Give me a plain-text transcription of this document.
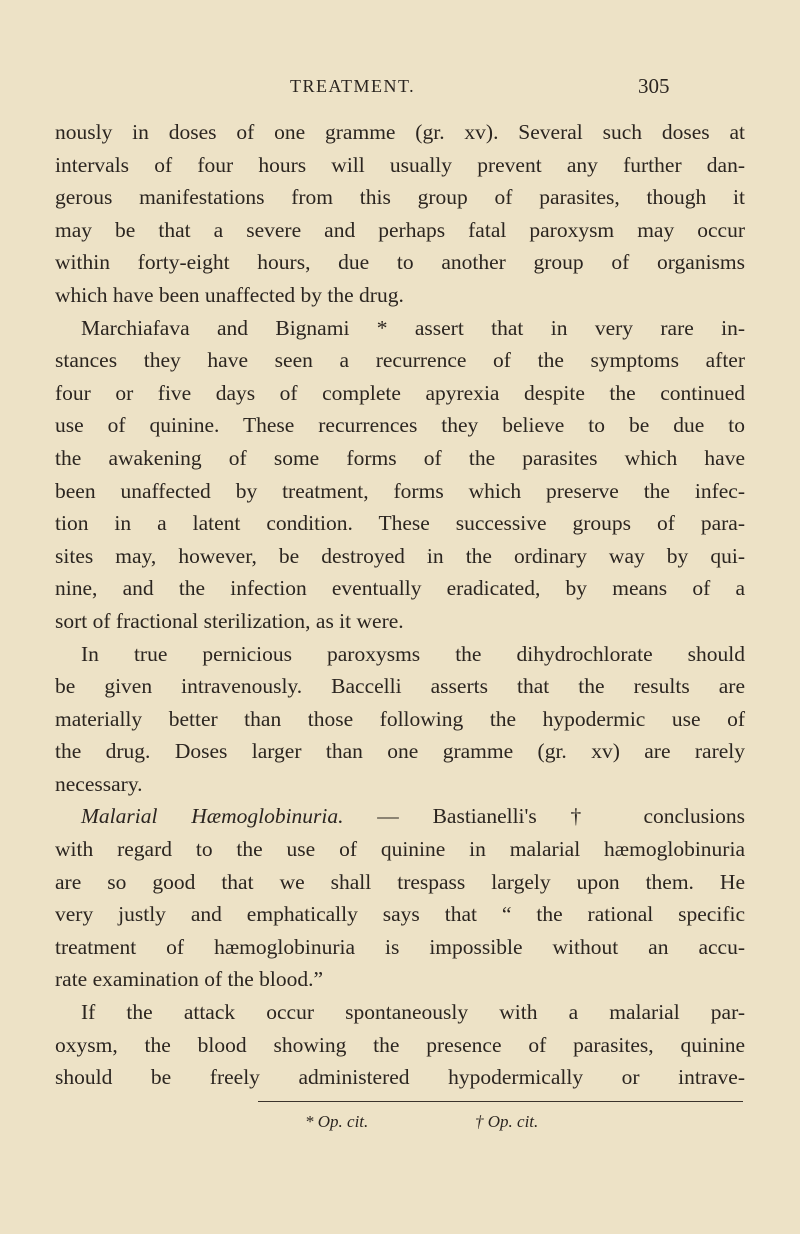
TREATMENT.	305
nously in doses of one gramme (gr. xv). Several such doses at
intervals of four hours will usually prevent any further dan-
gerous manifestations from this group of parasites, though it
may be that a severe and perhaps fatal paroxysm may occur
within forty-eight hours, due to another group of organisms
which have been unaffected by the drug.
Marchiafava and Bignami * assert that in very rare in-
stances they have seen a recurrence of the symptoms after
four or five days of complete apyrexia despite the continued
use of quinine. These recurrences they believe to be due to
the awakening of some forms of the parasites which have
been unaffected by treatment, forms which preserve the infec-
tion in a latent condition. These successive groups of para-
sites may, however, be destroyed in the ordinary way by qui-
nine, and the infection eventually eradicated, by means of a
sort of fractional sterilization, as it were.
In true pernicious paroxysms the dihydrochlorate should
be given intravenously. Baccelli asserts that the results are
materially better than those following the hypodermic use of
the drug. Doses larger than one gramme (gr. xv) are rarely
necessary.
Malarial Hæmoglobinuria. — Bastianelli's † conclusions
with regard to the use of quinine in malarial hæmoglobinuria
are so good that we shall trespass largely upon them. He
very justly and emphatically says that “ the rational specific
treatment of hæmoglobinuria is impossible without an accu-
rate examination of the blood.”
If the attack occur spontaneously with a malarial par-
oxysm, the blood showing the presence of parasites, quinine
should be freely administered hypodermically or intrave-
* Op. cit.	† Op. cit.
